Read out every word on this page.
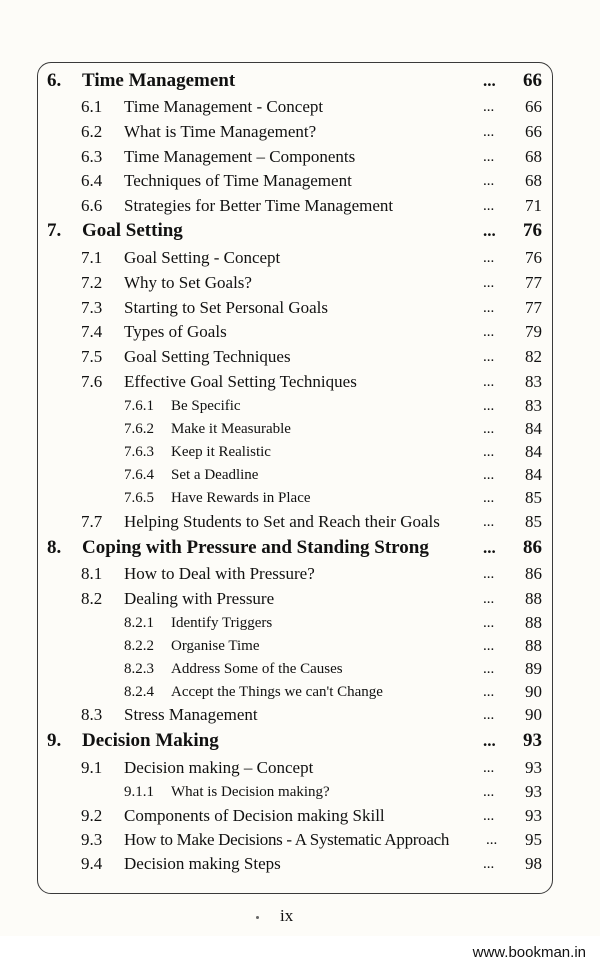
6. Time Management	... 66
6.1 Time Management - Concept	... 66
6.2 What is Time Management?	... 66
6.3 Time Management – Components	... 68
6.4 Techniques of Time Management	... 68
6.6 Strategies for Better Time Management	... 71
7. Goal Setting	... 76
7.1 Goal Setting - Concept	... 76
7.2 Why to Set Goals?	... 77
7.3 Starting to Set Personal Goals	... 77
7.4 Types of Goals	... 79
7.5 Goal Setting Techniques	... 82
7.6 Effective Goal Setting Techniques	... 83
7.6.1 Be Specific	... 83
7.6.2 Make it Measurable	... 84
7.6.3 Keep it Realistic	... 84
7.6.4 Set a Deadline	... 84
7.6.5 Have Rewards in Place	... 85
7.7 Helping Students to Set and Reach their Goals	... 85
8. Coping with Pressure and Standing Strong	... 86
8.1 How to Deal with Pressure?	... 86
8.2 Dealing with Pressure	... 88
8.2.1 Identify Triggers	... 88
8.2.2 Organise Time	... 88
8.2.3 Address Some of the Causes	... 89
8.2.4 Accept the Things we can't Change	... 90
8.3 Stress Management	... 90
9. Decision Making	... 93
9.1 Decision making – Concept	... 93
9.1.1 What is Decision making?	... 93
9.2 Components of Decision making Skill	... 93
9.3 How to Make Decisions - A Systematic Approach ... 95
9.4 Decision making Steps	... 98
ix
www.bookman.in
